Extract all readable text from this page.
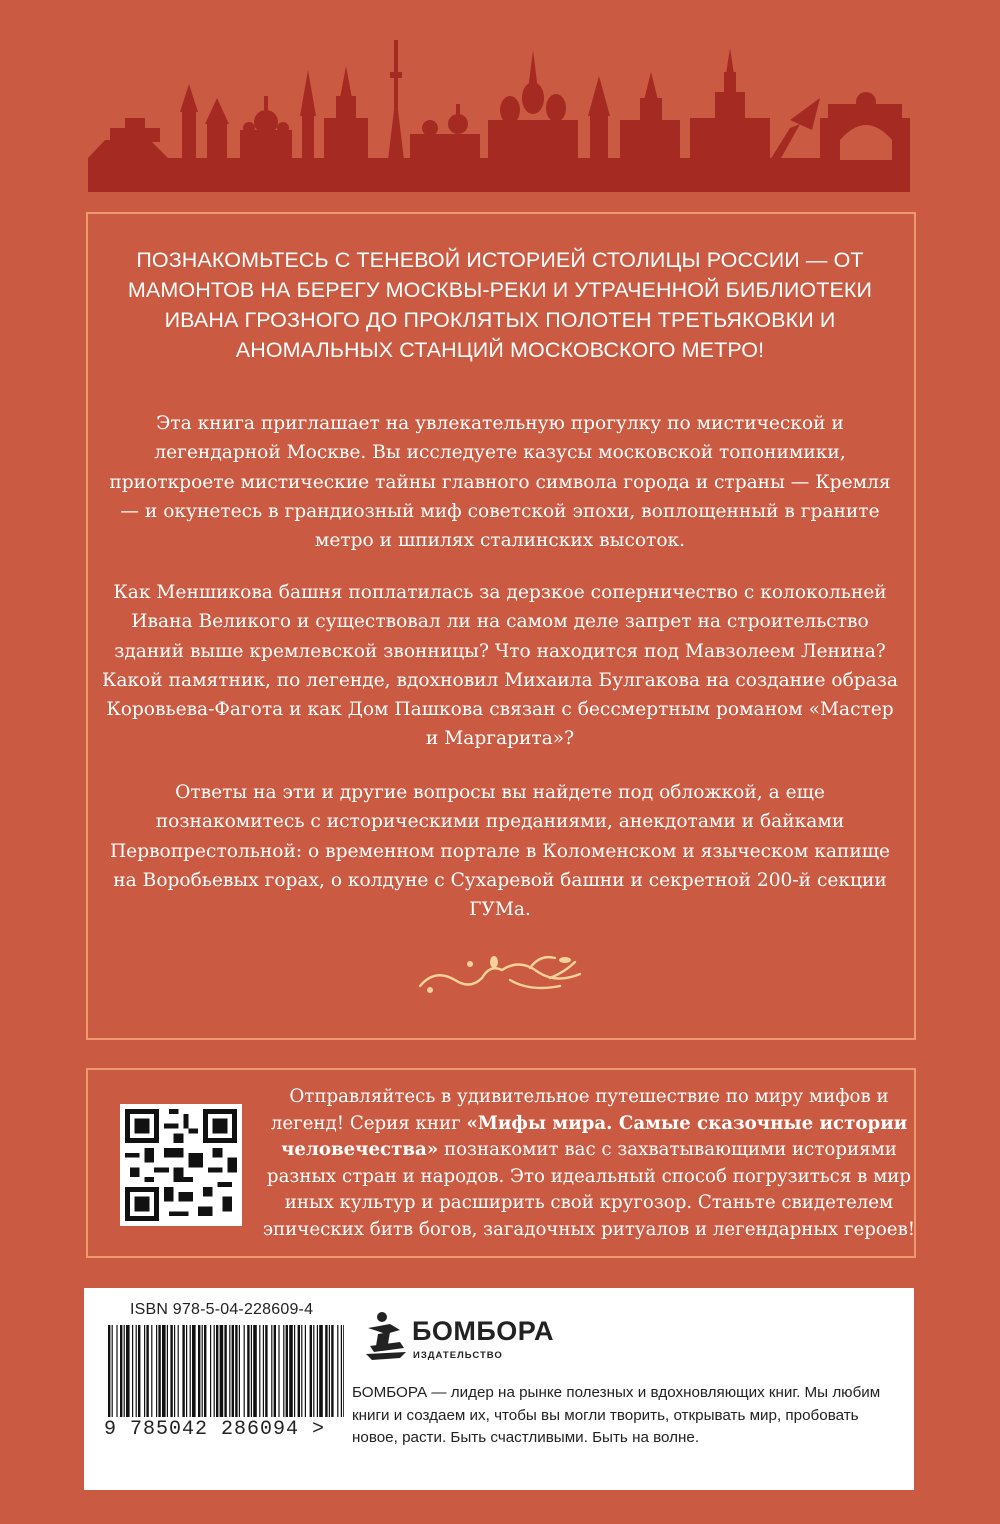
ПОЗНАКОМЬТЕСЬ С ТЕНЕВОЙ ИСТОРИЕЙ СТОЛИЦЫ РОССИИ — ОТ МАМОНТОВ НА БЕРЕГУ МОСКВЫ-РЕКИ И УТРАЧЕННОЙ БИБЛИОТЕКИ ИВАНА ГРОЗНОГО ДО ПРОКЛЯТЫХ ПОЛОТЕН ТРЕТЬЯКОВКИ И АНОМАЛЬНЫХ СТАНЦИЙ МОСКОВСКОГО МЕТРО!

Эта книга приглашает на увлекательную прогулку по мистической и легендарной Москве. Вы исследуете казусы московской топонимики, приоткроете мистические тайны главного символа города и страны — Кремля — и окунетесь в грандиозный миф советской эпохи, воплощенный в граните метро и шпилях сталинских высоток.

Как Меншикова башня поплатилась за дерзкое соперничество с колокольней Ивана Великого и существовал ли на самом деле запрет на строительство зданий выше кремлевской звонницы? Что находится под Мавзолеем Ленина? Какой памятник, по легенде, вдохновил Михаила Булгакова на создание образа Коровьева-Фагота и как Дом Пашкова связан с бессмертным романом «Мастер и Маргарита»?

Ответы на эти и другие вопросы вы найдете под обложкой, а еще познакомитесь с историческими преданиями, анекдотами и байками Первопрестольной: о временном портале в Коломенском и языческом капище на Воробьевых горах, о колдуне с Сухаревой башни и секретной 200-й секции ГУМа.

Отправляйтесь в удивительное путешествие по миру мифов и легенд! Серия книг «Мифы мира. Самые сказочные истории человечества» познакомит вас с захватывающими историями разных стран и народов. Это идеальный способ погрузиться в мир иных культур и расширить свой кругозор. Станьте свидетелем эпических битв богов, загадочных ритуалов и легендарных героев!

ISBN 978-5-04-228609-4
9 785042 286094 >
БОМБОРА
ИЗДАТЕЛЬСТВО

БОМБОРА — лидер на рынке полезных и вдохновляющих книг. Мы любим книги и создаем их, чтобы вы могли творить, открывать мир, пробовать новое, расти. Быть счастливыми. Быть на волне.
